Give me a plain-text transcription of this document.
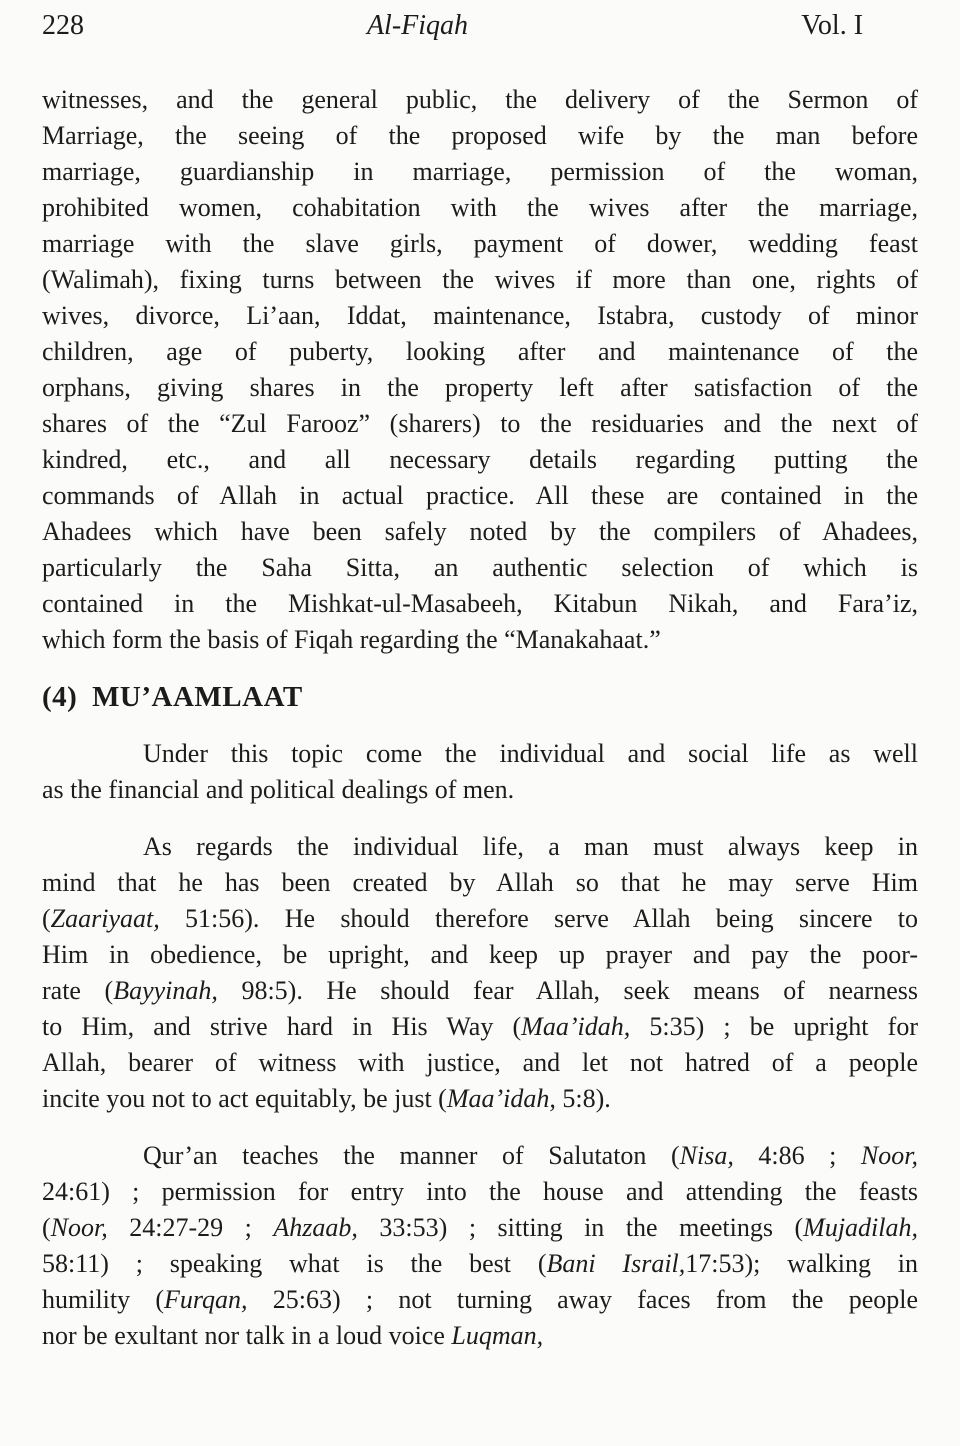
228	Al-Fiqah	Vol. I
witnesses, and the general public, the delivery of the Sermon of
Marriage, the seeing of the proposed wife by the man before
marriage, guardianship in marriage, permission of the woman,
prohibited women, cohabitation with the wives after the marriage,
marriage with the slave girls, payment of dower, wedding feast
(Walimah), fixing turns between the wives if more than one, rights of
wives, divorce, Li’aan, Iddat, maintenance, Istabra, custody of minor
children, age of puberty, looking after and maintenance of the
orphans, giving shares in the property left after satisfaction of the
shares of the “Zul Farooz” (sharers) to the residuaries and the next of
kindred, etc., and all necessary details regarding putting the
commands of Allah in actual practice. All these are contained in the
Ahadees which have been safely noted by the compilers of Ahadees,
particularly the Saha Sitta, an authentic selection of which is
contained in the Mishkat-ul-Masabeeh, Kitabun Nikah, and Fara’iz,
which form the basis of Fiqah regarding the “Manakahaat.”
(4) MU’AAMLAAT
Under this topic come the individual and social life as well
as the financial and political dealings of men.
As regards the individual life, a man must always keep in
mind that he has been created by Allah so that he may serve Him
(Zaariyaat, 51:56). He should therefore serve Allah being sincere to
Him in obedience, be upright, and keep up prayer and pay the poor-
rate (Bayyinah, 98:5). He should fear Allah, seek means of nearness
to Him, and strive hard in His Way (Maa’idah, 5:35) ; be upright for
Allah, bearer of witness with justice, and let not hatred of a people
incite you not to act equitably, be just (Maa’idah, 5:8).
Qur’an teaches the manner of Salutaton (Nisa, 4:86 ; Noor,
24:61) ; permission for entry into the house and attending the feasts
(Noor, 24:27-29 ; Ahzaab, 33:53) ; sitting in the meetings (Mujadilah,
58:11) ; speaking what is the best (Bani Israil,17:53); walking in
humility (Furqan, 25:63) ; not turning away faces from the people
nor be exultant nor talk in a loud voice Luqman,
